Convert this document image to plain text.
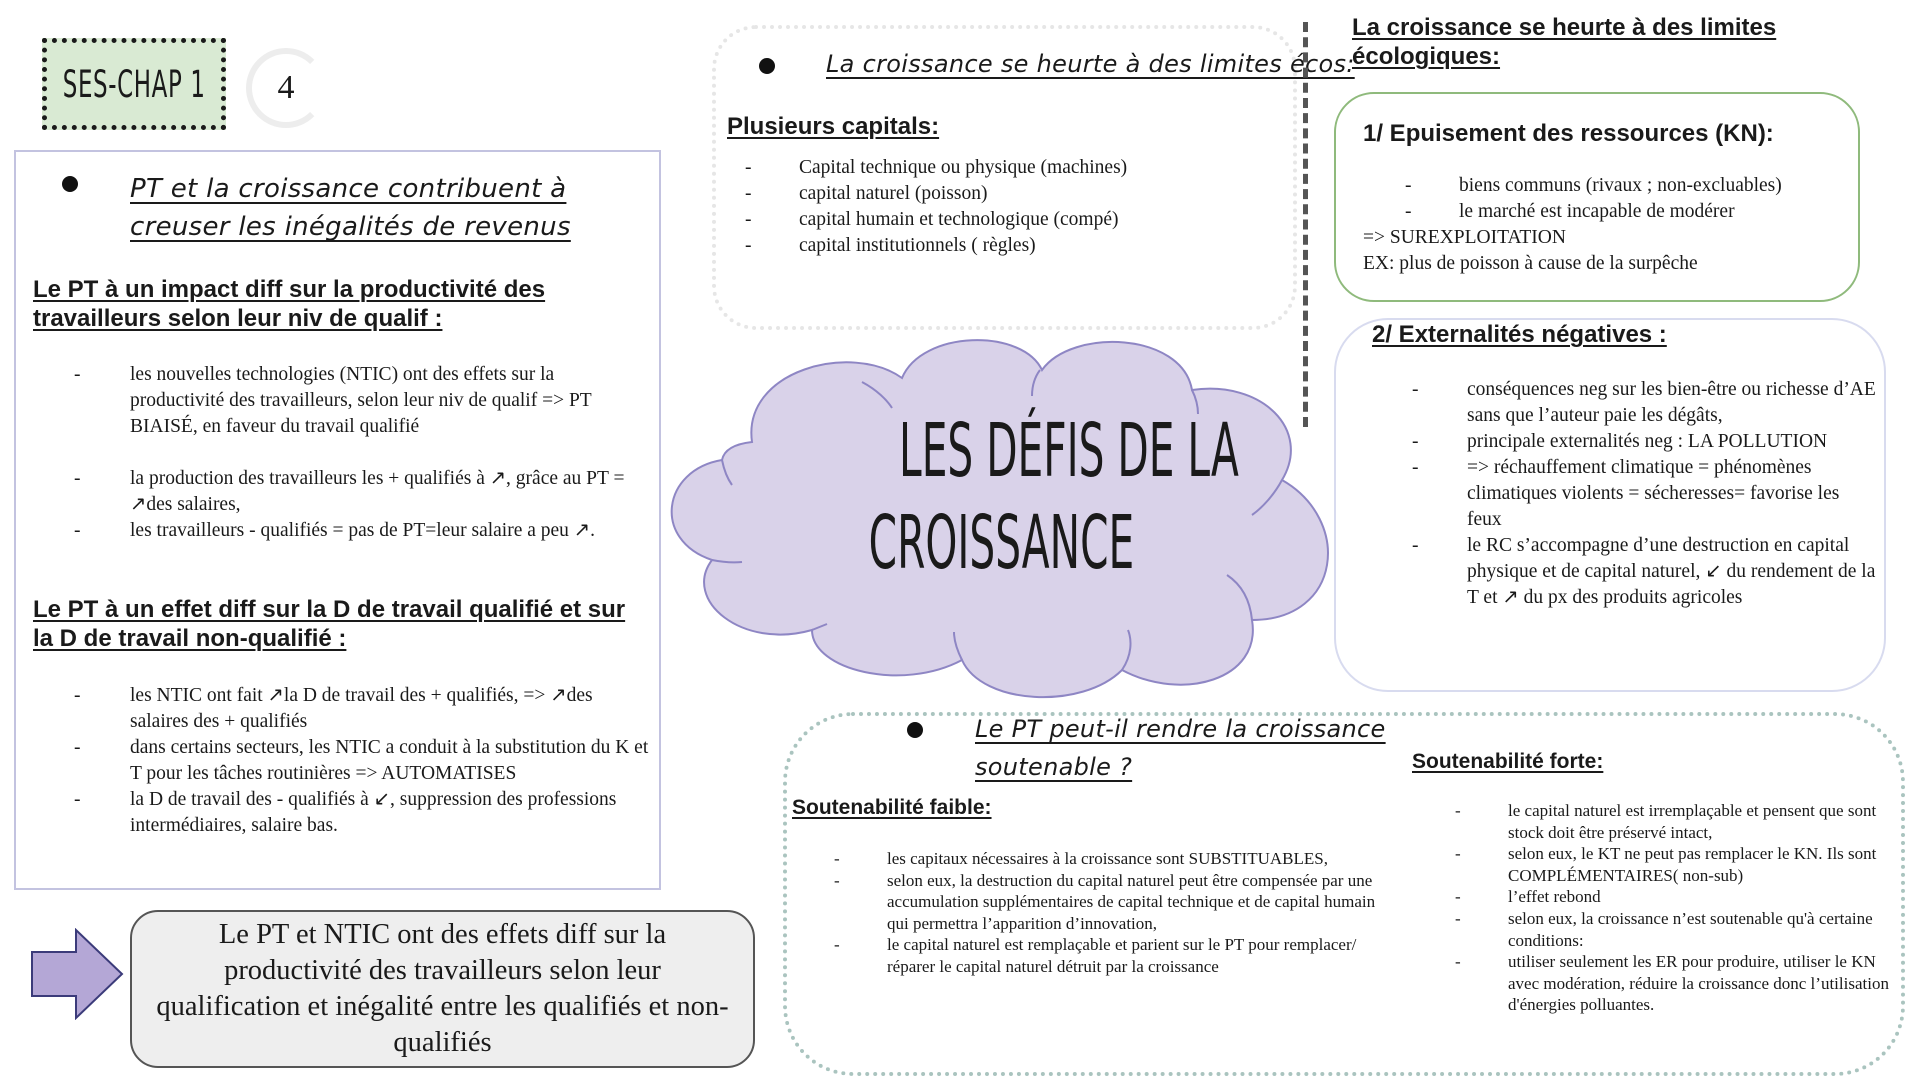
SES-CHAP 1	4
PT et la croissance contribuent à creuser les inégalités de revenus
Le PT à un impact diff sur la productivité des travailleurs selon leur niv de qualif :
-	les nouvelles technologies (NTIC) ont des effets sur la productivité des travailleurs, selon leur niv de qualif => PT BIAISÉ, en faveur du travail qualifié
-	la production des travailleurs les + qualifiés à ↗, grâce au PT = ↗des salaires,
-	les travailleurs - qualifiés = pas de PT=leur salaire a peu ↗.
Le PT à un effet diff sur la D de travail qualifié et sur la D de travail non-qualifié :
-	les NTIC ont fait ↗la D de travail des + qualifiés, => ↗des salaires des + qualifiés
-	dans certains secteurs, les NTIC a conduit à la substitution du K et T pour les tâches routinières => AUTOMATISES
-	la D de travail des - qualifiés à ↙, suppression des professions intermédiaires, salaire bas.
Le PT et NTIC ont des effets diff sur la productivité des travailleurs selon leur qualification et inégalité entre les qualifiés et non-qualifiés
La croissance se heurte à des limites écos:
Plusieurs capitals:
- Capital technique ou physique (machines)
- capital naturel (poisson)
- capital humain et technologique (compé)
- capital institutionnels ( règles)
LES DÉFIS DE LA
CROISSANCE
La croissance se heurte à des limites écologiques:
1/ Epuisement des ressources (KN):
- biens communs (rivaux ; non-excluables)
- le marché est incapable de modérer
=> SUREXPLOITATION
EX: plus de poisson à cause de la surpêche
2/ Externalités négatives :
- conséquences neg sur les bien-être ou richesse d’AE sans que l’auteur paie les dégâts,
- principale externalités neg : LA POLLUTION
- => réchauffement climatique = phénomènes climatiques violents = sécheresses= favorise les feux
- le RC s’accompagne d’une destruction en capital physique et de capital naturel, ↙ du rendement de la T et ↗ du px des produits agricoles
Le PT peut-il rendre la croissance soutenable ?
Soutenabilité faible:
-	les capitaux nécessaires à la croissance sont SUBSTITUABLES,
-	selon eux, la destruction du capital naturel peut être compensée par une accumulation supplémentaires de capital technique et de capital humain qui permettra l’apparition d’innovation,
-	le capital naturel est remplaçable et parient sur le PT pour remplacer/ réparer le capital naturel détruit par la croissance
Soutenabilité forte:
-	le capital naturel est irremplaçable et pensent que sont stock doit être préservé intact,
-	selon eux, le KT ne peut pas remplacer le KN. Ils sont COMPLÉMENTAIRES( non-sub)
-	l’effet rebond
-	selon eux, la croissance n’est soutenable qu'à certaine conditions:
-	utiliser seulement les ER pour produire, utiliser le KN avec modération, réduire la croissance donc l’utilisation d'énergies polluantes.
